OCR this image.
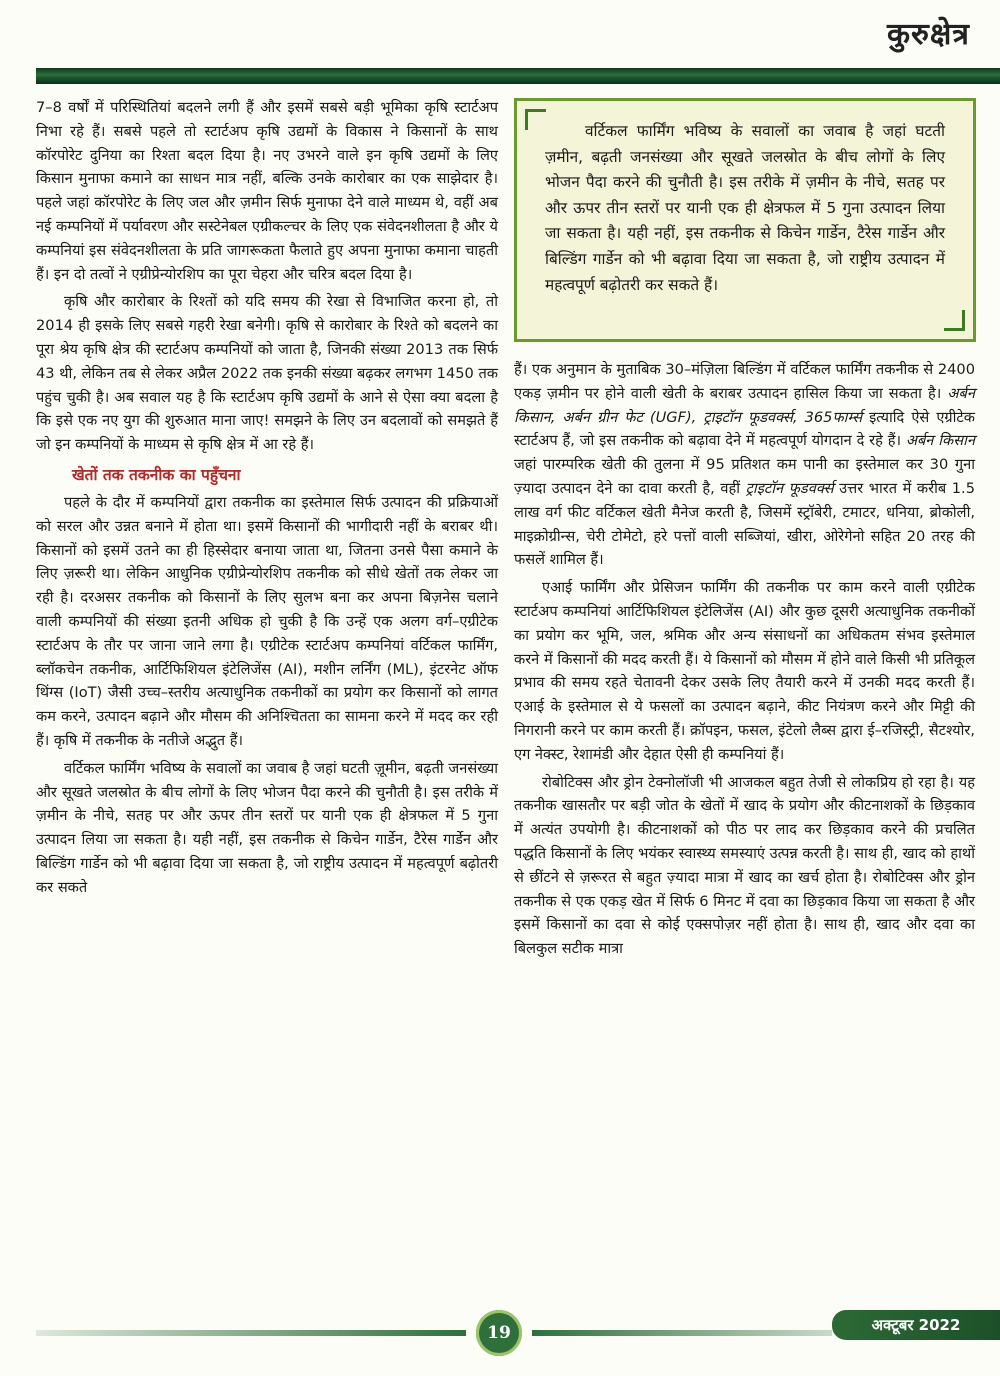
कुरुक्षेत्र

7–8 वर्षों में परिस्थितियां बदलने लगी हैं और इसमें सबसे बड़ी भूमिका कृषि स्टार्टअप निभा रहे हैं। सबसे पहले तो स्टार्टअप कृषि उद्यमों के विकास ने किसानों के साथ कॉरपोरेट दुनिया का रिश्ता बदल दिया है। नए उभरने वाले इन कृषि उद्यमों के लिए किसान मुनाफा कमाने का साधन मात्र नहीं, बल्कि उनके कारोबार का एक साझेदार है। पहले जहां कॉरपोरेट के लिए जल और ज़मीन सिर्फ मुनाफा देने वाले माध्यम थे, वहीं अब नई कम्पनियों में पर्यावरण और सस्टेनेबल एग्रीकल्चर के लिए एक संवेदनशीलता है और ये कम्पनियां इस संवेदनशीलता के प्रति जागरूकता फैलाते हुए अपना मुनाफा कमाना चाहती हैं। इन दो तत्वों ने एग्रीप्रेन्योरशिप का पूरा चेहरा और चरित्र बदल दिया है।

कृषि और कारोबार के रिश्तों को यदि समय की रेखा से विभाजित करना हो, तो 2014 ही इसके लिए सबसे गहरी रेखा बनेगी। कृषि से कारोबार के रिश्ते को बदलने का पूरा श्रेय कृषि क्षेत्र की स्टार्टअप कम्पनियों को जाता है, जिनकी संख्या 2013 तक सिर्फ 43 थी, लेकिन तब से लेकर अप्रैल 2022 तक इनकी संख्या बढ़कर लगभग 1450 तक पहुंच चुकी है। अब सवाल यह है कि स्टार्टअप कृषि उद्यमों के आने से ऐसा क्या बदला है कि इसे एक नए युग की शुरुआत माना जाए! समझने के लिए उन बदलावों को समझते हैं जो इन कम्पनियों के माध्यम से कृषि क्षेत्र में आ रहे हैं।

खेतों तक तकनीक का पहुँचना

पहले के दौर में कम्पनियों द्वारा तकनीक का इस्तेमाल सिर्फ उत्पादन की प्रक्रियाओं को सरल और उन्नत बनाने में होता था। इसमें किसानों की भागीदारी नहीं के बराबर थी। किसानों को इसमें उतने का ही हिस्सेदार बनाया जाता था, जितना उनसे पैसा कमाने के लिए ज़रूरी था। लेकिन आधुनिक एग्रीप्रेन्योरशिप तकनीक को सीधे खेतों तक लेकर जा रही है। दरअसर तकनीक को किसानों के लिए सुलभ बना कर अपना बिज़नेस चलाने वाली कम्पनियों की संख्या इतनी अधिक हो चुकी है कि उन्हें एक अलग वर्ग–एग्रीटेक स्टार्टअप के तौर पर जाना जाने लगा है। एग्रीटेक स्टार्टअप कम्पनियां वर्टिकल फार्मिंग, ब्लॉकचेन तकनीक, आर्टिफिशियल इंटेलिजेंस (AI), मशीन लर्निंग (ML), इंटरनेट ऑफ थिंग्स (IoT) जैसी उच्च–स्तरीय अत्याधुनिक तकनीकों का प्रयोग कर किसानों को लागत कम करने, उत्पादन बढ़ाने और मौसम की अनिश्चितता का सामना करने में मदद कर रही हैं। कृषि में तकनीक के नतीजे अद्भुत हैं।

वर्टिकल फार्मिंग भविष्य के सवालों का जवाब है जहां घटती ज़ूमीन, बढ़ती जनसंख्या और सूखते जलस्रोत के बीच लोगों के लिए भोजन पैदा करने की चुनौती है। इस तरीके में ज़मीन के नीचे, सतह पर और ऊपर तीन स्तरों पर यानी एक ही क्षेत्रफल में 5 गुना उत्पादन लिया जा सकता है। यही नहीं, इस तकनीक से किचेन गार्डेन, टैरेस गार्डेन और बिल्डिंग गार्डेन को भी बढ़ावा दिया जा सकता है, जो राष्ट्रीय उत्पादन में महत्वपूर्ण बढ़ोतरी कर सकते

वर्टिकल फार्मिंग भविष्य के सवालों का जवाब है जहां घटती ज़मीन, बढ़ती जनसंख्या और सूखते जलस्रोत के बीच लोगों के लिए भोजन पैदा करने की चुनौती है। इस तरीके में ज़मीन के नीचे, सतह पर और ऊपर तीन स्तरों पर यानी एक ही क्षेत्रफल में 5 गुना उत्पादन लिया जा सकता है। यही नहीं, इस तकनीक से किचेन गार्डेन, टैरेस गार्डेन और बिल्डिंग गार्डेन को भी बढ़ावा दिया जा सकता है, जो राष्ट्रीय उत्पादन में महत्वपूर्ण बढ़ोतरी कर सकते हैं।

हैं। एक अनुमान के मुताबिक 30–मंज़िला बिल्डिंग में वर्टिकल फार्मिंग तकनीक से 2400 एकड़ ज़मीन पर होने वाली खेती के बराबर उत्पादन हासिल किया जा सकता है। अर्बन किसान, अर्बन ग्रीन फेट (UGF), ट्राइटॉन फूडवर्क्स, 365फार्म्स इत्यादि ऐसे एग्रीटेक स्टार्टअप हैं, जो इस तकनीक को बढ़ावा देने में महत्वपूर्ण योगदान दे रहे हैं। अर्बन किसान जहां पारम्परिक खेती की तुलना में 95 प्रतिशत कम पानी का इस्तेमाल कर 30 गुना ज़्यादा उत्पादन देने का दावा करती है, वहीं ट्राइटॉन फूडवर्क्स उत्तर भारत में करीब 1.5 लाख वर्ग फीट वर्टिकल खेती मैनेज करती है, जिसमें स्ट्रॉबेरी, टमाटर, धनिया, ब्रोकोली, माइक्रोग्रीन्स, चेरी टोमेटो, हरे पत्तों वाली सब्जियां, खीरा, ओरेगेनो सहित 20 तरह की फसलें शामिल हैं।

एआई फार्मिंग और प्रेसिजन फार्मिंग की तकनीक पर काम करने वाली एग्रीटेक स्टार्टअप कम्पनियां आर्टिफिशियल इंटेलिजेंस (AI) और कुछ दूसरी अत्याधुनिक तकनीकों का प्रयोग कर भूमि, जल, श्रमिक और अन्य संसाधनों का अधिकतम संभव इस्तेमाल करने में किसानों की मदद करती हैं। ये किसानों को मौसम में होने वाले किसी भी प्रतिकूल प्रभाव की समय रहते चेतावनी देकर उसके लिए तैयारी करने में उनकी मदद करती हैं। एआई के इस्तेमाल से ये फसलों का उत्पादन बढ़ाने, कीट नियंत्रण करने और मिट्टी की निगरानी करने पर काम करती हैं। क्रॉपइन, फसल, इंटेलो लैब्स द्वारा ई–रजिस्ट्री, सैटश्योर, एग नेक्स्ट, रेशामंडी और देहात ऐसी ही कम्पनियां हैं।

रोबोटिक्स और ड्रोन टेक्नोलॉजी भी आजकल बहुत तेजी से लोकप्रिय हो रहा है। यह तकनीक खासतौर पर बड़ी जोत के खेतों में खाद के प्रयोग और कीटनाशकों के छिड़काव में अत्यंत उपयोगी है। कीटनाशकों को पीठ पर लाद कर छिड़काव करने की प्रचलित पद्धति किसानों के लिए भयंकर स्वास्थ्य समस्याएं उत्पन्न करती है। साथ ही, खाद को हाथों से छींटने से ज़रूरत से बहुत ज़्यादा मात्रा में खाद का खर्च होता है। रोबोटिक्स और ड्रोन तकनीक से एक एकड़ खेत में सिर्फ 6 मिनट में दवा का छिड़काव किया जा सकता है और इसमें किसानों का दवा से कोई एक्सपोज़र नहीं होता है। साथ ही, खाद और दवा का बिलकुल सटीक मात्रा

19	अक्टूबर 2022
